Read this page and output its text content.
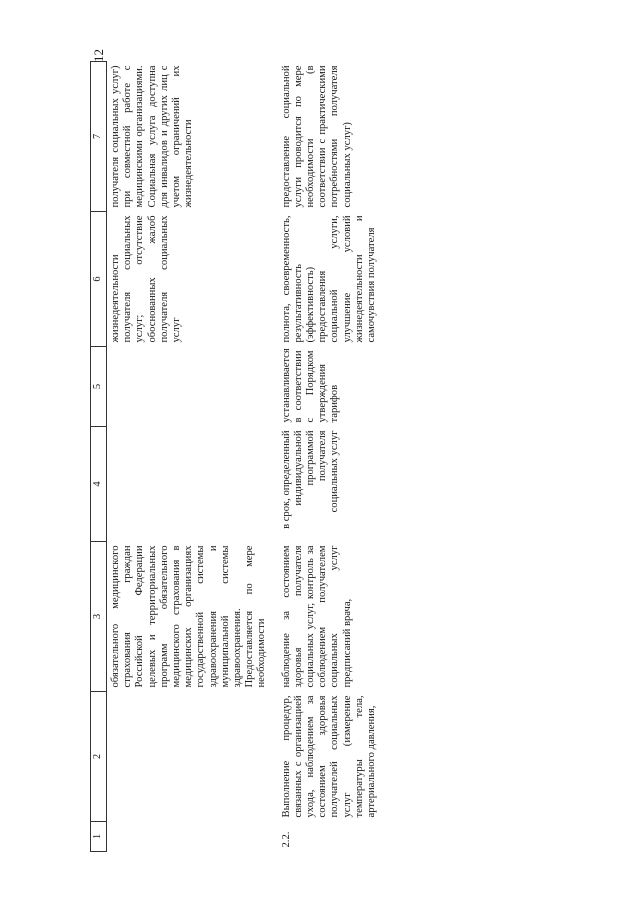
12
1	2	3	4	5	6	7
		обязательного медицинского страхования граждан Российской Федерации целевых и территориальных программ обязательного медицинского страхования в медицинских организациях государственной системы здравоохранения и муниципальной системы здравоохранения. Предоставляется по мере необходимости			жизнедеятельности получателя социальных услуг; отсутствие обоснованных жалоб получателя социальных услуг	получателя социальных услуг) при совместной работе с медицинскими организациями. Социальная услуга доступна для инвалидов и других лиц с учетом ограничений их жизнедеятельности
2.2.	Выполнение процедур, связанных с организацией ухода, наблюдением за состоянием здоровья получателей социальных услуг (измерение температуры тела, артериального давления,	наблюдение за состоянием здоровья получателя социальных услуг, контроль за соблюдением получателем социальных услуг предписаний врача,	в срок, определенный индивидуальной программой получателя социальных услуг	устанавливается в соответствии с Порядком утверждения тарифов	полнота, своевременность, результативность (эффективность) предоставления социальной услуги, улучшение условий жизнедеятельности и самочувствия получателя	предоставление социальной услуги проводится по мере необходимости (в соответствии с практическими потребностями получателя социальных услуг)
